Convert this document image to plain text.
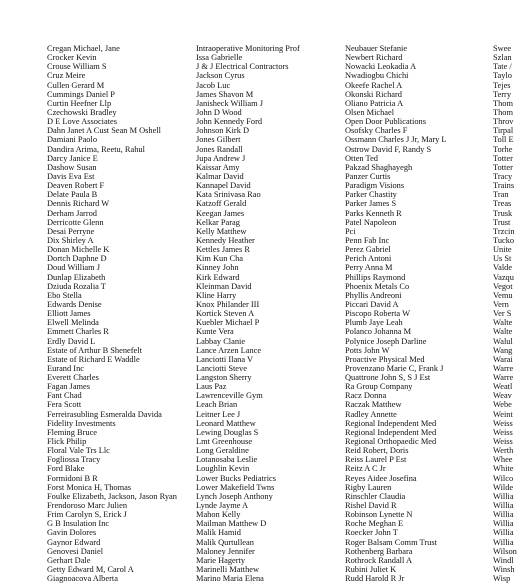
Cregan Michael, Jane
Crocker Kevin
Crouse William S
Cruz Meire
Cullen Gerard M
Cummings Daniel P
Curtin Heefner Llp
Czechowski Bradley
D E Love Associates
Dahn Janet A Cust Sean M Oshell
Damiani Paolo
Dandira Arima, Reetu, Rahul
Darcy Janice E
Dashow Susan
Davis Eva Est
Deaven Robert F
Delate Paula B
Dennis Richard W
Derham Jarrod
Derricotte Glenn
Desai Perryne
Dix Shirley A
Donan Michelle K
Dortch Daphne D
Doud William J
Dunlap Elizabeth
Dziuda Rozalia T
Ebo Stella
Edwards Denise
Elliott James
Elwell Melinda
Emmett Charles R
Erdly David L
Estate of Arthur B Shenefelt
Estate of Richard E Waddle
Eurand Inc
Everett Charles
Fagan James
Fant Chad
Fera Scott
Ferreirasubling Esmeralda Davida
Fidelity Investments
Fleming Bruce
Flick Philip
Floral Vale Trs Llc
Fogliossa Tracy
Ford Blake
Formidoni B R
Forst Monica H, Thomas
Foulke Elizabeth, Jackson, Jason Ryan
Frendoroso Marc Julien
Frim Carolyn S, Erick J
G B Insulation Inc
Gavin Dolores
Gaynor Edward
Genovesi Daniel
Gerhart Dale
Getty Edward M, Carol A
Giagnoacova Alberta
Intraoperative Monitoring Prof
Issa Gabrielle
J & J Electrical Contractors
Jackson Cyrus
Jacob Luc
James Shavon M
Janisheck William J
John D Wood
John Kennedy Ford
Johnson Kirk D
Jones Gilbert
Jones Randall
Jupa Andrew J
Kaissar Amy
Kalmar David
Kannapel David
Kata Srinivasa Rao
Katzoff Gerald
Keegan James
Kelkar Parag
Kelly Matthew
Kennedy Heather
Kettles James R
Kim Kun Cha
Kinney John
Kirk Edward
Kleinman David
Kline Harry
Knox Philander III
Kortick Steven A
Kuebler Michael P
Kunte Vera
Labbay Clanie
Lance Arzen Lance
Lanciotti Ilana V
Lanciotti Steve
Langston Sherry
Laus Paz
Lawrenceville Gym
Leach Brian
Leitner Lee J
Leonard Matthew
Lewing Douglas S
Lmt Greenhouse
Long Geraldine
Lotanosaba Leslie
Loughlin Kevin
Lower Bucks Pediatrics
Lower Makefield Twns
Lynch Joseph Anthony
Lynde Jayme A
Mahon Kelly
Mailman Matthew D
Malik Hamid
Malik Qurtullean
Maloney Jennifer
Marie Hagerty
Marinelli Matthew
Marino Maria Elena
Neubauer Stefanie
Newbert Richard
Nowacki Leokadia A
Nwadiogbu Chichi
Okeefe Rachel A
Okonski Richard
Oliano Patricia A
Olsen Michael
Open Door Publications
Osofsky Charles F
Ossmann Charles J Jr, Mary L
Ostrow David F, Randy S
Otten Ted
Pakzad Shaghayegh
Panzer Curtis
Paradigm Visions
Parker Chastity
Parker James S
Parks Kenneth R
Patel Napoleon
Pci
Penn Fab Inc
Perez Gabriel
Perich Antoni
Perry Anna M
Phillips Raymond
Phoenix Metals Co
Phyllis Andreoni
Piccari David A
Piscopo Roberta W
Plumb Jaye Leah
Polanco Johanna M
Polynice Joseph Darline
Potts John W
Proactive Physical Med
Provenzano Marie C, Frank J
Quattrone John S, S J Est
Ra Group Company
Racz Donna
Raczak Matthew
Radley Annette
Regional Independent Med
Regional Independent Med
Regional Orthopaedic Med
Reid Robert, Doris
Reiss Laurel P Est
Reitz A C Jr
Reyes Aidee Josefina
Rigby Lauren
Rinschler Claudia
Rishel David R
Robinson Lynette N
Roche Meghan E
Roecker John T
Roger Balsam Comm Trust
Rothenberg Barbara
Rothrock Randall A
Rubini Juliet K
Rudd Harold R Jr
Swee
Szlan
Tate /
Taylo
Tejes
Terry
Thom
Thom
Throv
Tirpal
Toll E
Torhe
Totter
Totter
Tracy
Trains
Tran
Treas
Trusk
Trust
Trzcin
Tucko
Unite
Us St
Valde
Vazqu
Vegot
Vemu
Vern
Ver S
Walte
Walte
Walul
Wang
Warai
Warre
Warre
Weatl
Weav
Webe
Weint
Weiss
Weiss
Weiss
Werth
Whee
White
Wilco
Wilde
Willia
Willia
Willia
Willia
Willia
Willia
Wilson
Windl
Winsh
Wisp
